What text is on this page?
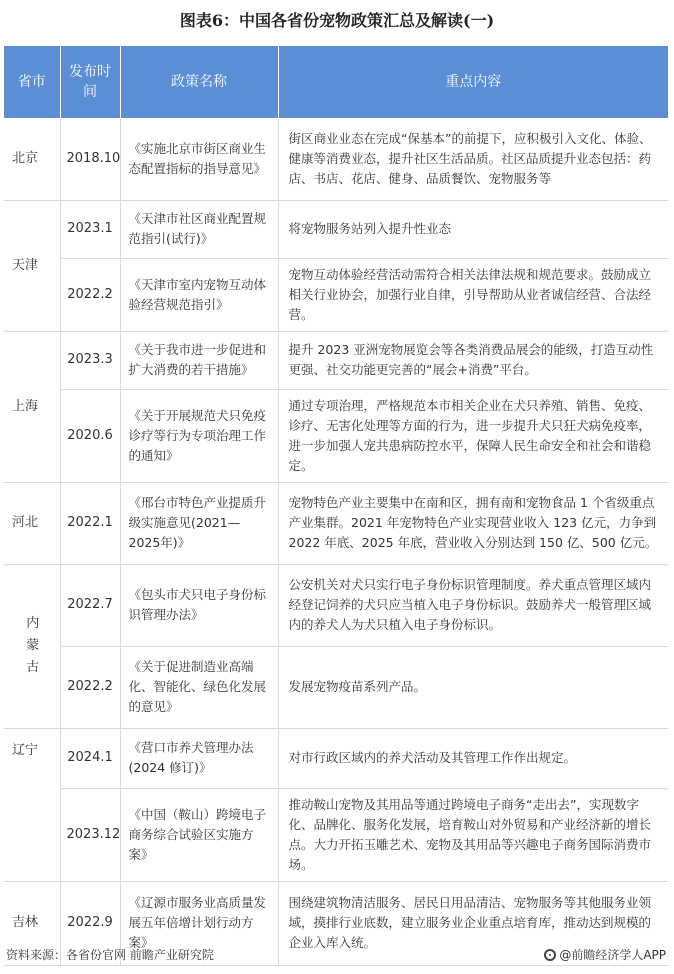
图表6：中国各省份宠物政策汇总及解读(一)
省市	发布时间	政策名称	重点内容
北京	2018.10	《实施北京市街区商业生态配置指标的指导意见》	街区商业业态在完成“保基本”的前提下，应积极引入文化、体验、健康等消费业态，提升社区生活品质。社区品质提升业态包括：药店、书店、花店、健身、品质餐饮、宠物服务等
天津	2023.1	《天津市社区商业配置规范指引(试行)》	将宠物服务站列入提升性业态
	2022.2	《天津市室内宠物互动体验经营规范指引》	宠物互动体验经营活动需符合相关法律法规和规范要求。鼓励成立相关行业协会，加强行业自律，引导帮助从业者诚信经营、合法经营。
上海	2023.3	《关于我市进一步促进和扩大消费的若干措施》	提升 2023 亚洲宠物展览会等各类消费品展会的能级，打造互动性更强、社交功能更完善的“展会+消费”平台。
	2020.6	《关于开展规范犬只免疫诊疗等行为专项治理工作的通知》	通过专项治理，严格规范本市相关企业在犬只养殖、销售、免疫、诊疗、无害化处理等方面的行为，进一步提升犬只狂犬病免疫率，进一步加强人宠共患病防控水平，保障人民生命安全和社会和谐稳定。
河北	2022.1	《邢台市特色产业提质升级实施意见(2021—2025年)》	宠物特色产业主要集中在南和区，拥有南和宠物食品 1 个省级重点产业集群。2021 年宠物特色产业实现营业收入 123 亿元，力争到 2022 年底、2025 年底，营业收入分别达到 150 亿、500 亿元。
内蒙古	2022.7	《包头市犬只电子身份标识管理办法》	公安机关对犬只实行电子身份标识管理制度。养犬重点管理区域内经登记饲养的犬只应当植入电子身份标识。鼓励养犬一般管理区域内的养犬人为犬只植入电子身份标识。
	2022.2	《关于促进制造业高端化、智能化、绿色化发展的意见》	发展宠物疫苗系列产品。
辽宁	2024.1	《营口市养犬管理办法(2024 修订)》	对市行政区域内的养犬活动及其管理工作作出规定。
	2023.12	《中国（鞍山）跨境电子商务综合试验区实施方案》	推动鞍山宠物及其用品等通过跨境电子商务“走出去”，实现数字化、品牌化、服务化发展，培育鞍山对外贸易和产业经济新的增长点。大力开拓玉雕艺术、宠物及其用品等兴趣电子商务国际消费市场。
吉林	2022.9	《辽源市服务业高质量发展五年倍增计划行动方案》	围绕建筑物清洁服务、居民日用品清洁、宠物服务等其他服务业领域，摸排行业底数，建立服务业企业重点培育库，推动达到规模的企业入库入统。
资料来源：各省份官网 前瞻产业研究院	@前瞻经济学人APP
